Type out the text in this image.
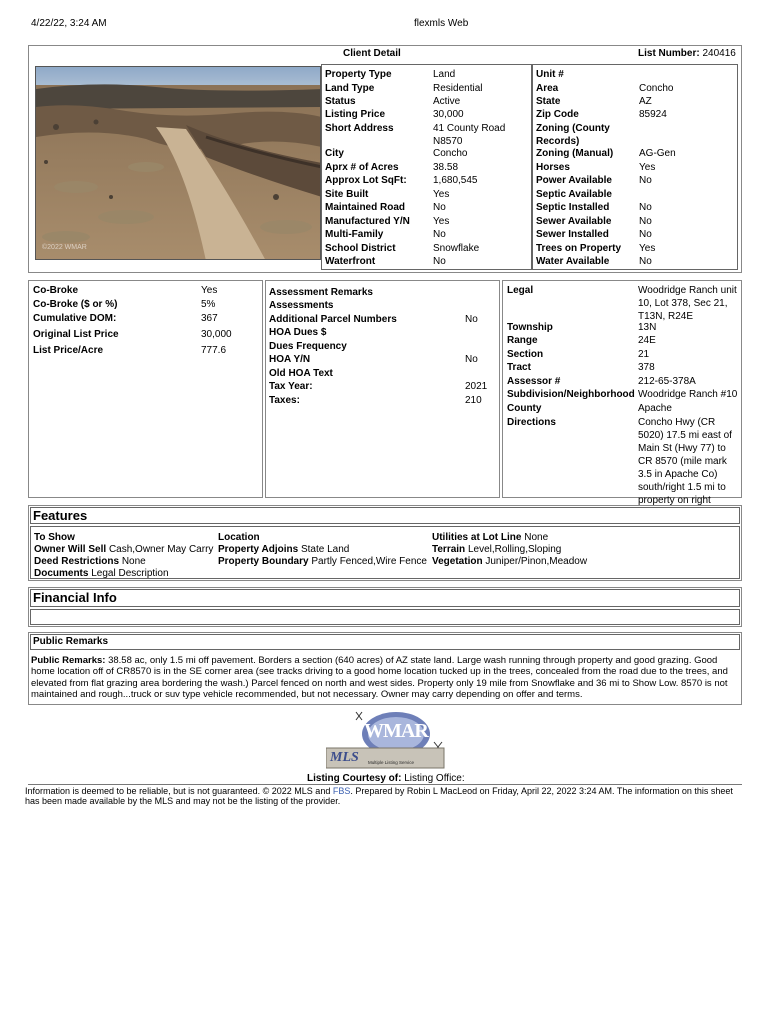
4/22/22, 3:24 AM	flexmls Web
Client Detail	List Number: 240416
©2022 WMAR
Property Type	Land
Land Type	Residential
Status	Active
Listing Price	30,000
Short Address	41 County Road N8570
City	Concho
Aprx # of Acres	38.58
Approx Lot SqFt:	1,680,545
Site Built	Yes
Maintained Road	No
Manufactured Y/N Yes
Multi-Family	No
School District	Snowflake
Waterfront	No
Unit #
Area	Concho
State	AZ
Zip Code	85924
Zoning (County Records)
Zoning (Manual)	AG-Gen
Horses	Yes
Power Available	No
Septic Available
Septic Installed	No
Sewer Available	No
Sewer Installed	No
Trees on Property	Yes
Water Available	No
Co-Broke	Yes
Co-Broke ($ or %)	5%
Cumulative DOM:	367
Original List Price	30,000
List Price/Acre	777.6
Assessment Remarks
Assessments
Additional Parcel Numbers	No
HOA Dues $
Dues Frequency
HOA Y/N	No
Old HOA Text
Tax Year:	2021
Taxes:	210
Legal	Woodridge Ranch unit 10, Lot 378, Sec 21, T13N, R24E
Township	13N
Range	24E
Section	21
Tract	378
Assessor #	212-65-378A
Subdivision/Neighborhood Woodridge Ranch #10
County	Apache
Directions	Concho Hwy (CR 5020) 17.5 mi east of Main St (Hwy 77) to CR 8570 (mile mark 3.5 in Apache Co) south/right 1.5 mi to property on right
Features
To Show
Owner Will Sell Cash,Owner May Carry
Deed Restrictions None
Documents Legal Description
Location
Property Adjoins State Land
Property Boundary Partly Fenced,Wire Fence
Utilities at Lot Line None
Terrain Level,Rolling,Sloping
Vegetation Juniper/Pinon,Meadow
Financial Info
Public Remarks
Public Remarks: 38.58 ac, only 1.5 mi off pavement. Borders a section (640 acres) of AZ state land. Large wash running through property and good grazing. Good home location off of CR8570 is in the SE corner area (see tracks driving to a good home location tucked up in the trees, concealed from the road due to the trees, and elevated from flat grazing area bordering the wash.) Parcel fenced on north and west sides. Property only 19 mile from Snowflake and 36 mi to Show Low. 8570 is not maintained and rough...truck or suv type vehicle recommended, but not necessary. Owner may carry depending on offer and terms.
WMAR
MLS Multiple Listing Service
Listing Courtesy of: Listing Office:
Information is deemed to be reliable, but is not guaranteed. © 2022 MLS and FBS. Prepared by Robin L MacLeod on Friday, April 22, 2022 3:24 AM. The information on this sheet has been made available by the MLS and may not be the listing of the provider.
